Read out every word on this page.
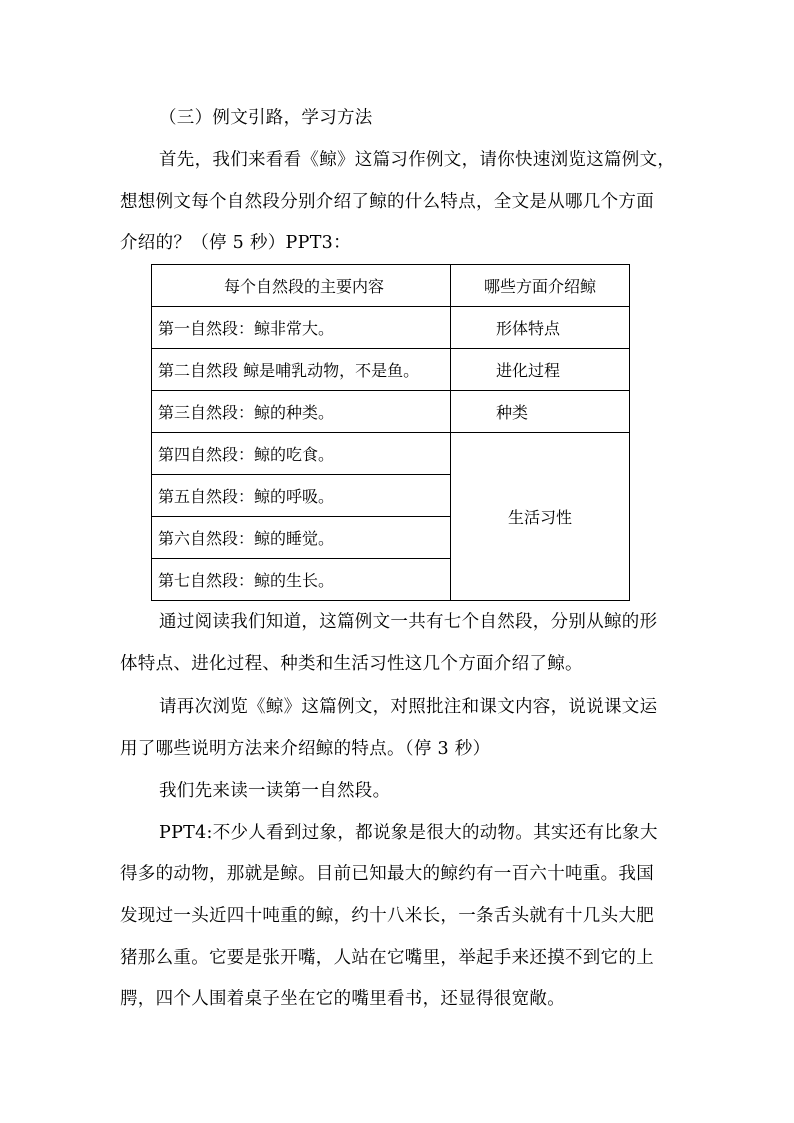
（三）例文引路，学习方法
首先，我们来看看《鲸》这篇习作例文，请你快速浏览这篇例文，
想想例文每个自然段分别介绍了鲸的什么特点，全文是从哪几个方面
介绍的？（停 5 秒）PPT3：
每个自然段的主要内容	哪些方面介绍鲸
第一自然段：鲸非常大。	形体特点
第二自然段 鲸是哺乳动物，不是鱼。	进化过程
第三自然段：鲸的种类。	种类
第四自然段：鲸的吃食。	生活习性
第五自然段：鲸的呼吸。	
第六自然段：鲸的睡觉。	
第七自然段：鲸的生长。	
通过阅读我们知道，这篇例文一共有七个自然段，分别从鲸的形
体特点、进化过程、种类和生活习性这几个方面介绍了鲸。
请再次浏览《鲸》这篇例文，对照批注和课文内容，说说课文运
用了哪些说明方法来介绍鲸的特点。（停 3 秒）
我们先来读一读第一自然段。
PPT4:不少人看到过象，都说象是很大的动物。其实还有比象大
得多的动物，那就是鲸。目前已知最大的鲸约有一百六十吨重。我国
发现过一头近四十吨重的鲸，约十八米长，一条舌头就有十几头大肥
猪那么重。它要是张开嘴，人站在它嘴里，举起手来还摸不到它的上
腭，四个人围着桌子坐在它的嘴里看书，还显得很宽敞。
